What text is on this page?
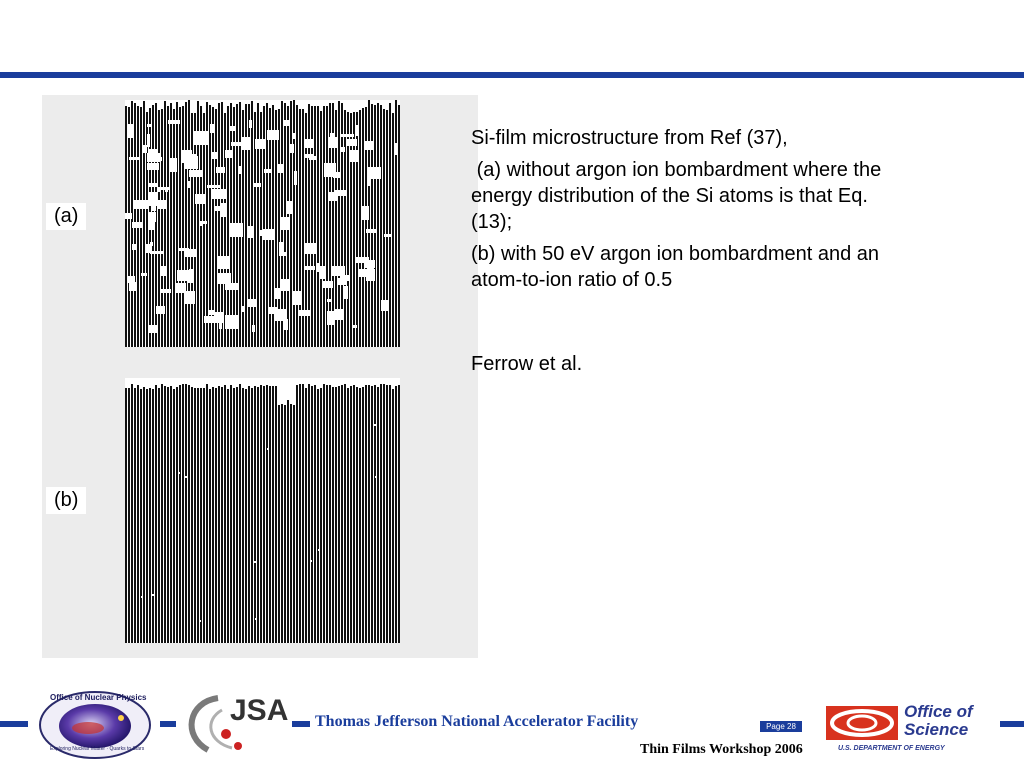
(a)
(b)

Si-film microstructure from Ref (37),

(a) without argon ion bombardment where the energy distribution of the Si atoms is that Eq. (13);

(b) with 50 eV argon ion bombardment and an atom-to-ion ratio of 0.5

Ferrow et al.

Office of Nuclear Physics
Exploring Nuclear Matter · Quarks to Stars
JSA Thomas Jefferson National Accelerator Facility	Page 28
Thin Films Workshop 2006
Office of
Science
U.S. DEPARTMENT OF ENERGY
